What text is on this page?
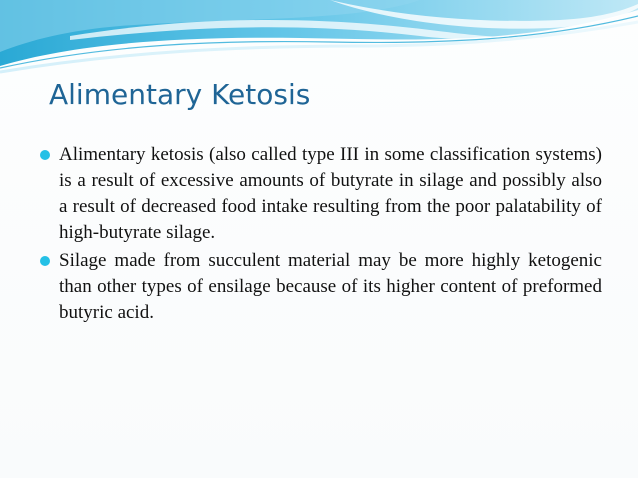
Alimentary Ketosis
Alimentary ketosis (also called type III in some classification systems) is a result of excessive amounts of butyrate in silage and possibly also a result of decreased food intake resulting from the poor palatability of high-butyrate silage.
Silage made from succulent material may be more highly ketogenic than other types of ensilage because of its higher content of preformed butyric acid.
